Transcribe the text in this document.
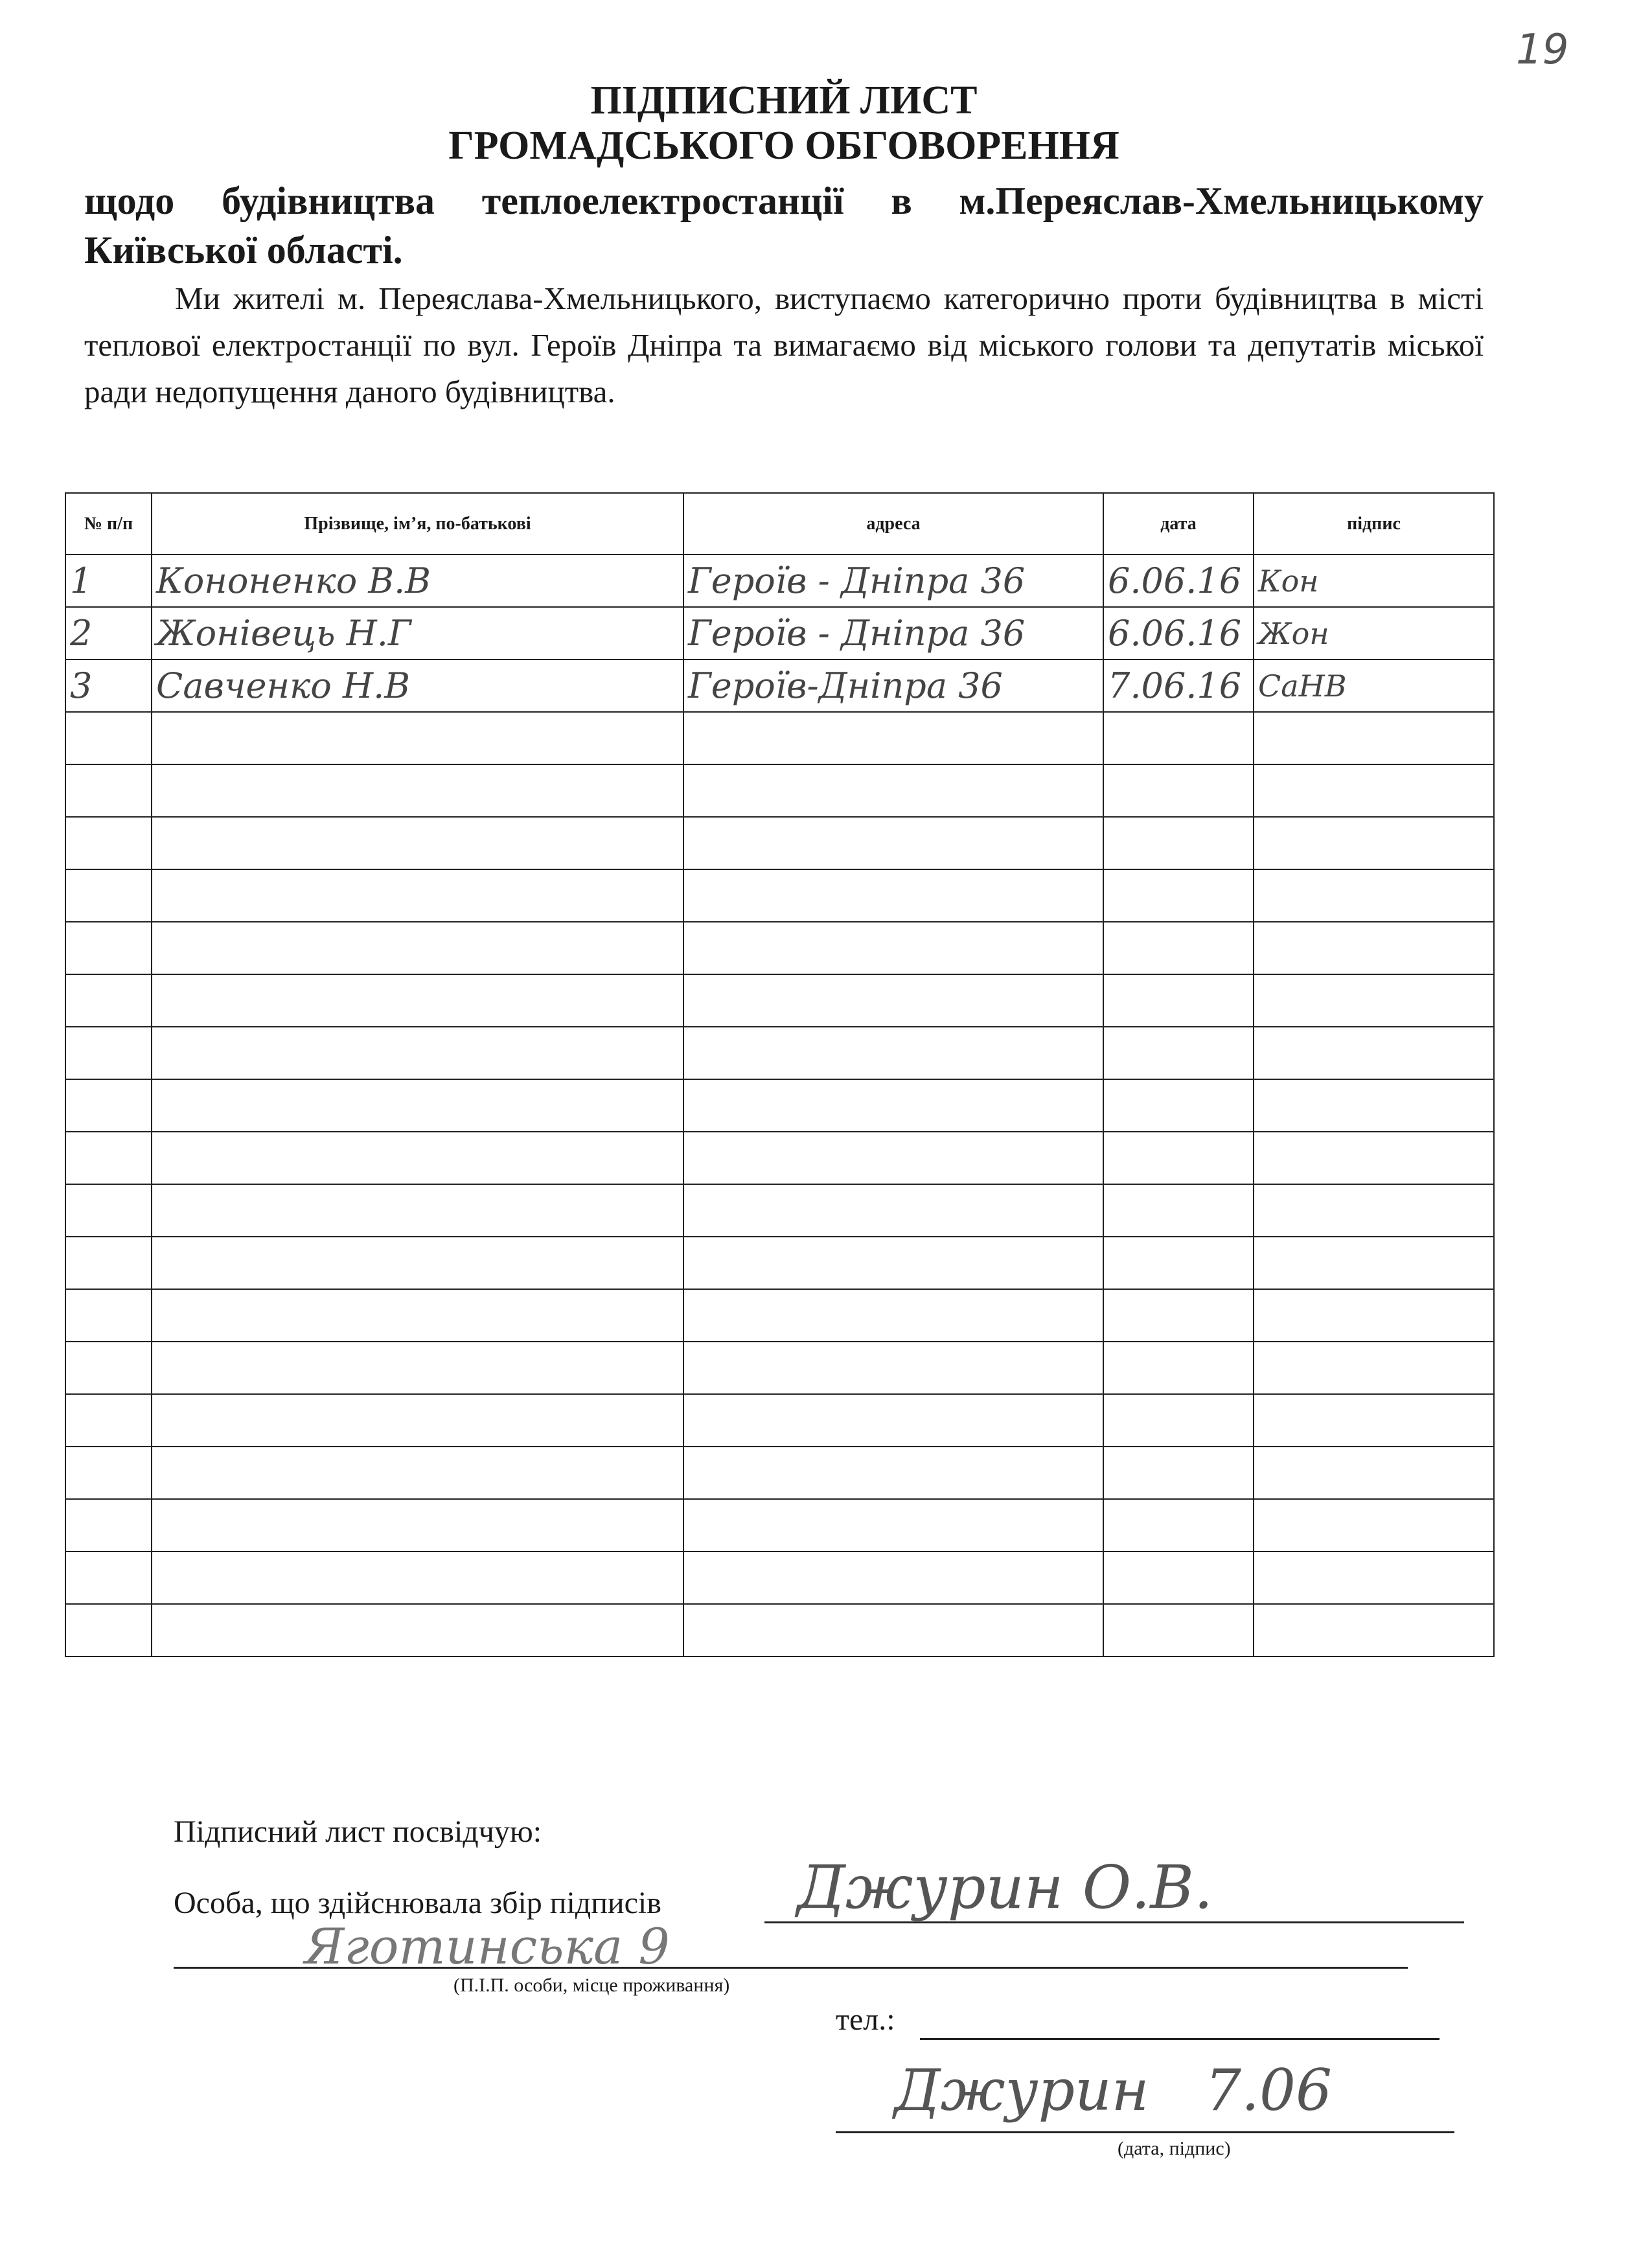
19
ПІДПИСНИЙ ЛИСТ
ГРОМАДСЬКОГО ОБГОВОРЕННЯ
щодо будівництва теплоелектростанції в м.Переяслав-Хмельницькому Київської області.
Ми жителі м. Переяслава-Хмельницького, виступаємо категорично проти будівництва в місті теплової електростанції по вул. Героїв Дніпра та вимагаємо від міського голови та депутатів міської ради недопущення даного будівництва.
№ п/п	Прізвище, ім’я, по-батькові	адреса	дата	підпис
1	Кононенко В.В	Героїв - Дніпра 36	6.06.16	Кон
2	Жонівець Н.Г	Героїв - Дніпра 36	6.06.16	Жон
3	Савченко Н.В	Героїв-Дніпра 36	7.06.16	СаНВ

Підписний лист посвідчую:
Особа, що здійснювала збір підписів Джурин О.В.
Яготинська 9
(П.І.П. особи, місце проживання)
тел.:
Джурин 7.06
(дата, підпис)
